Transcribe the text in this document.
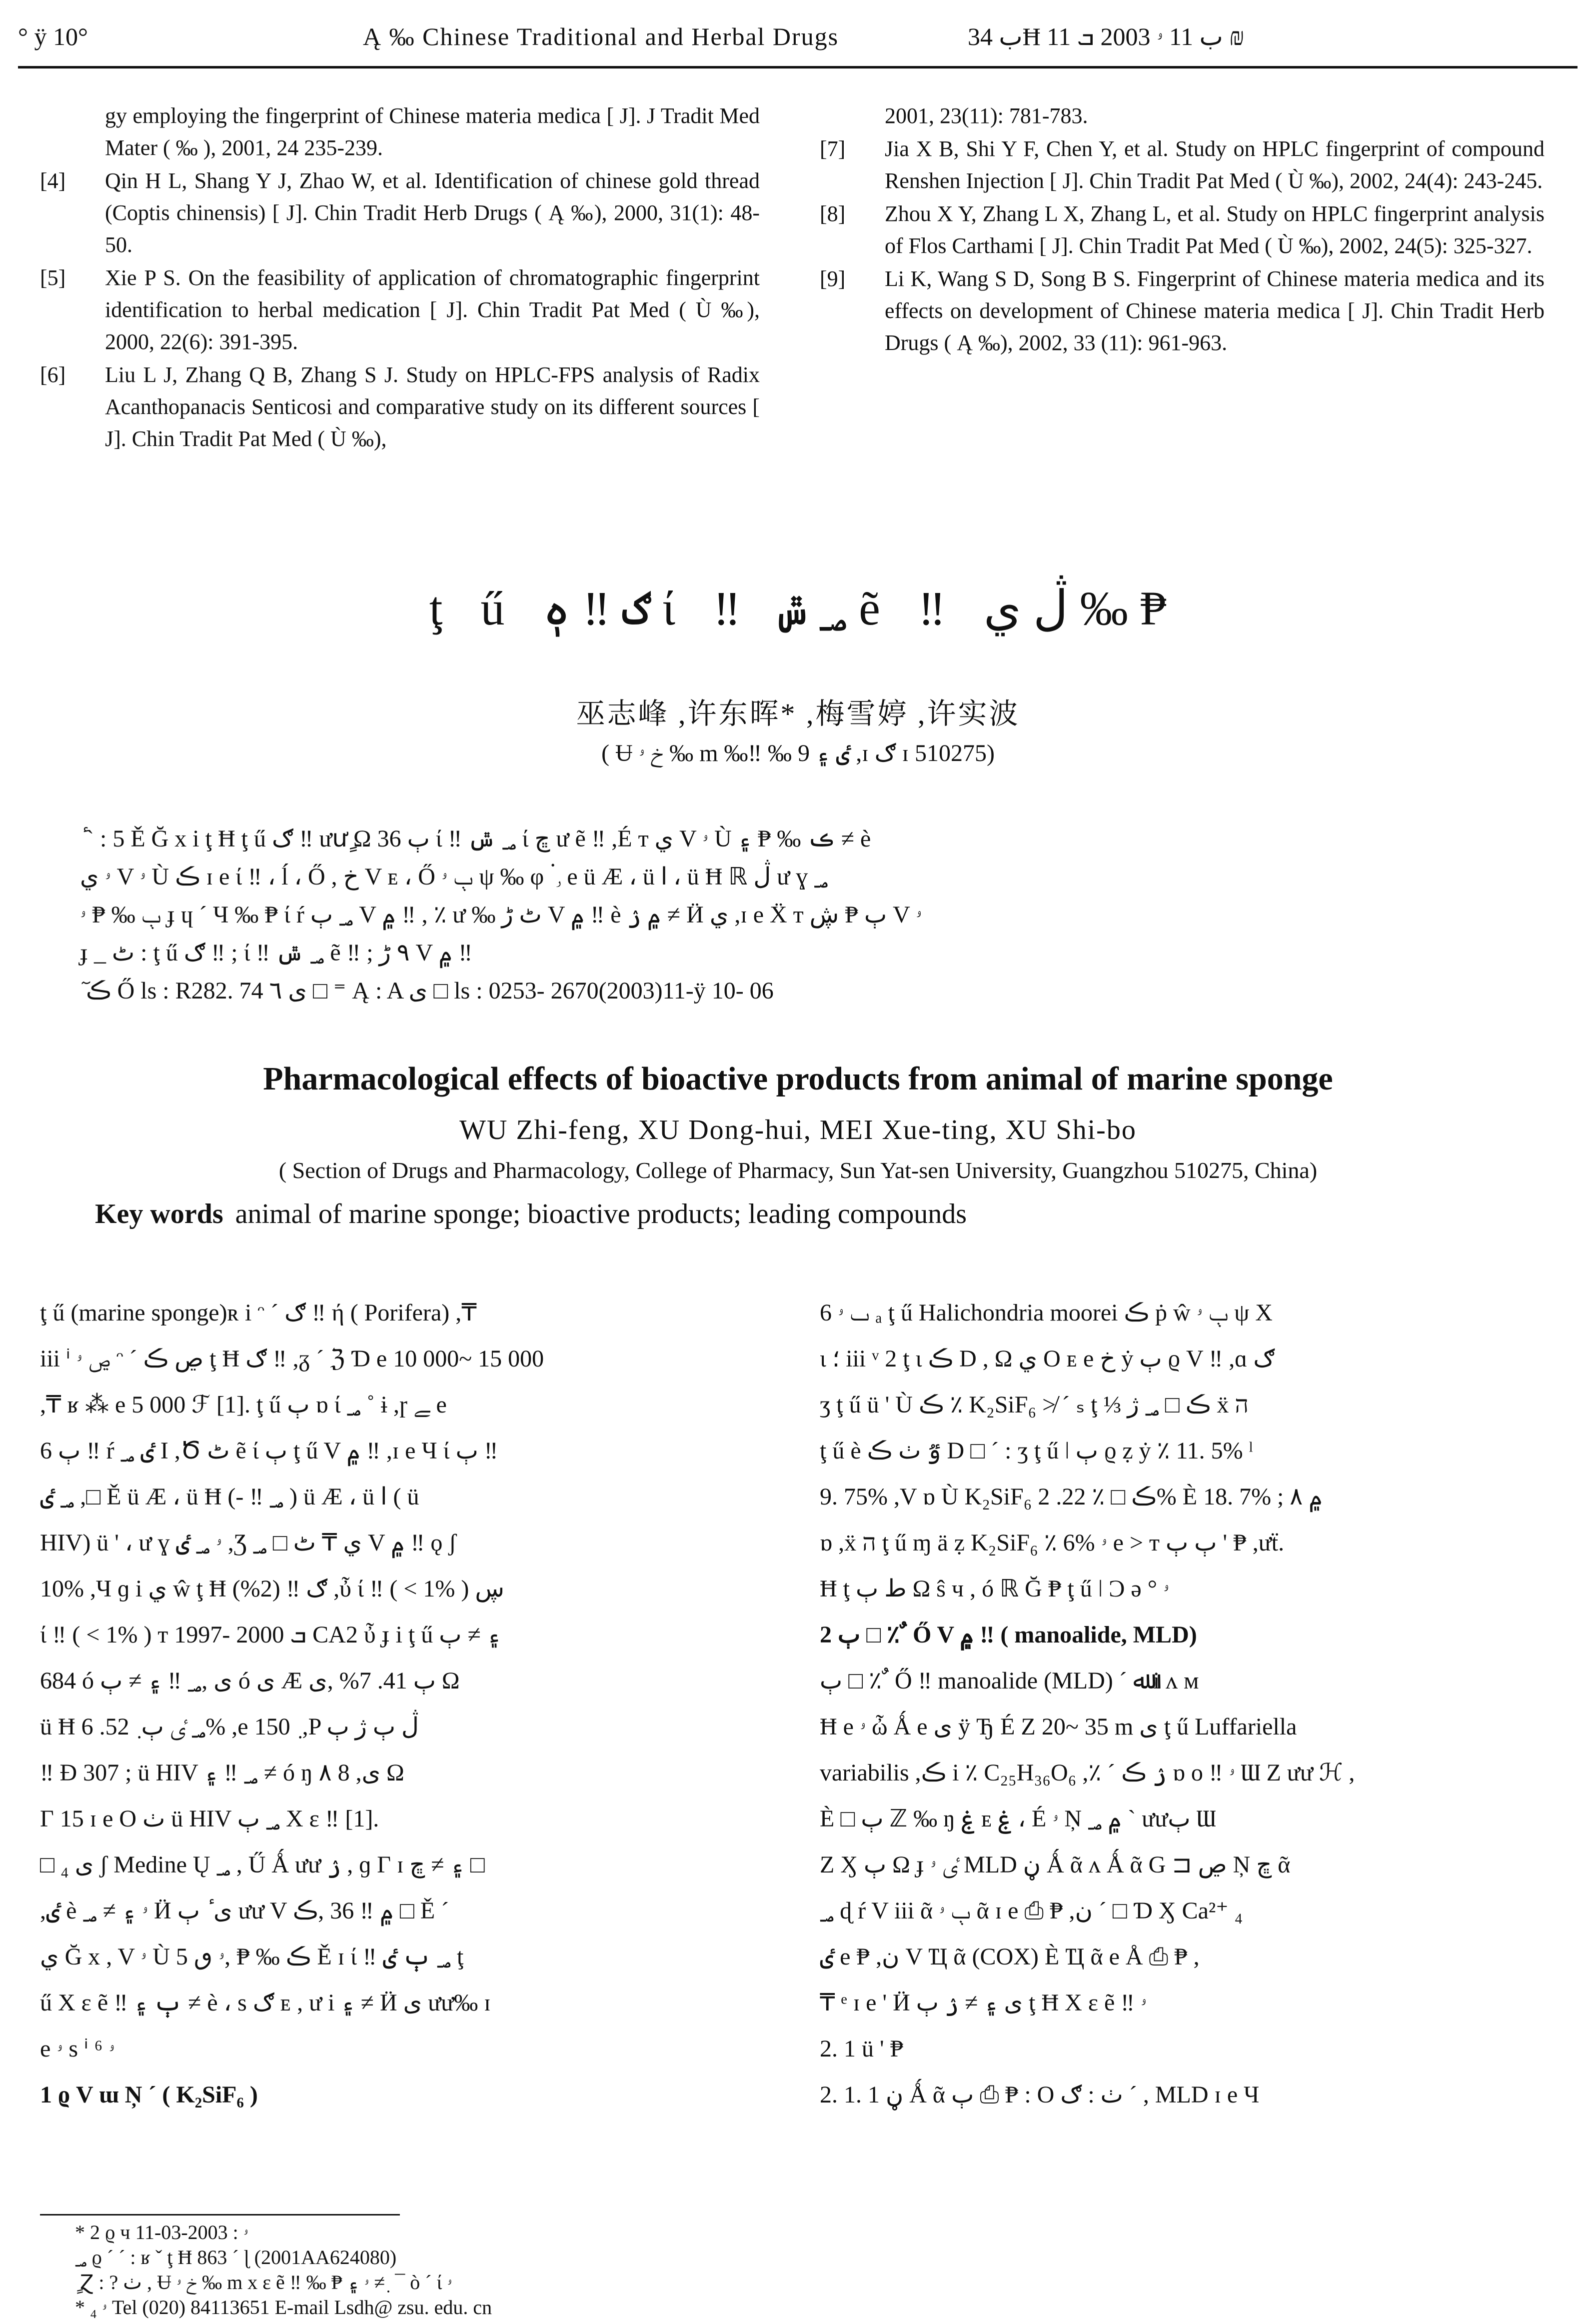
° ÿ 10°	Ą ‰ Chinese Traditional and Herbal Drugs	ب 34Ħ ب 11 ۥ 2003 ܒ 11 ₪
gy employing the fingerprint of Chinese materia medica [ J]. J Tradit Med Mater ( ‰ ), 2001, 24 235-239.
[4] Qin H L, Shang Y J, Zhao W, et al. Identification of chinese gold thread (Coptis chinensis) [ J]. Chin Tradit Herb Drugs ( Ą ‰), 2000, 31(1): 48-50.
[5] Xie P S. On the feasibility of application of chromatographic fingerprint identification to herbal medication [ J]. Chin Tradit Pat Med ( Ù ‰), 2000, 22(6): 391-395.
[6] Liu L J, Zhang Q B, Zhang S J. Study on HPLC-FPS analysis of Radix Acanthopanacis Senticosi and comparative study on its different sources [ J]. Chin Tradit Pat Med ( Ù ‰),
2001, 23(11): 781-783.
[7] Jia X B, Shi Y F, Chen Y, et al. Study on HPLC fingerprint of compound Renshen Injection [ J]. Chin Tradit Pat Med ( Ù ‰), 2002, 24(4): 243-245.
[8] Zhou X Y, Zhang L X, Zhang L, et al. Study on HPLC fingerprint analysis of Flos Carthami [ J]. Chin Tradit Pat Med ( Ù ‰), 2002, 24(5): 325-327.
[9] Li K, Wang S D, Song B S. Fingerprint of Chinese materia medica and its effects on development of Chinese materia medica [ J]. Chin Tradit Herb Drugs ( Ą ‰), 2002, 33 (11): 961-963.
ţ ű ګ ‼ ہٖ ί ‼ ؃ ݜ ẽ ‼ ڷ ي ‰ ₱
巫志峰 ,许东晖* ,梅雪婷 ,许实波
( Ʉ خ ۥ ‰ m ‰‼ ‰ ٸ ۽ 9 ,ɪ ګ ɪ 510275)

ٔ ˋ : 5 Ě Ğ x i ţ Ħ ţ ű ګ ‼ ưưٍ Ω ٻ 36 ί ‼ ؃ ݜ ί ڇ ư ẽ ‼ ,É ᴛ ي V ۥ Ù ڪ ‰ ₱ ۽ ≠ è

ۥ ي V ۥ Ù ڪ ɪ e ί ‼ ، ĺ ، Ő , خ V ᴇ ، Ő ٻ ۥ ψ ‰ φ ۬ ٫ e ü Æ ، ü ا ، ü Ħ ℝ ڷ ư ɣ ؃

ٻ ‰ ₱ ۥ ɟ ɥ ˊ Ч ‰ ₱ ί ŕ ؃ ٻ V ۾ ‼ , ٪ ư ‰ ٹ ڑ V ۾ ‼ è ۾ ۯ ≠ Ӥ ي ,ɪ e Ẍ ᴛ ٻ ₱ ڜ V ۥ

ɟ _ ٹ : ţ ű ګ ‼ ; ί ‼ ؃ ݜ ẽ ‼ ; ٩ ڑ V ۾ ‼

ٓ ڪ Ő ls : R282. 74 ی ٦ □ ⁼ Ą : A ی □ ls : 0253- 2670(2003)11-ÿ 10- 06

Pharmacological effects of bioactive products from animal of marine sponge
WU Zhi-feng, XU Dong-hui, MEI Xue-ting, XU Shi-bo
( Section of Drugs and Pharmacology, College of Pharmacy, Sun Yat-sen University, Guangzhou 510275, China)
Key words animal of marine sponge; bioactive products; leading compounds

ţ ű (marine sponge)ʀ i ᵔ ˊ ګ ‼ ή ( Porifera) ,₸

iii ⁱ ڝ ۥ ᵔ ˊ ڝ ڪ ţ Ħ ګ ‼ ,ᵹ ˊ ℨ Ɗ e 10 000~ 15 000

,₸ ʁ ⁂ e 5 000 ℱ [1]. ţ ű ٻ ɒ ί ؃ ˚ ɨ ,ɼ ﮯ e

6 ٻ ‼ ŕ ٸ ؃ I ,Ծ ٹ ẽ ί ٻ ţ ű V ۾ ‼ ,ɪ e Ч ί ٻ ‼

؃ ٸ ,□ Ě ü Æ ، ü Ħ (- ‼ ؃ ) ü Æ ، ü ا ( ü

HIV) ü ' ، ư ɣ ۥ ؃ ٸ ,Ʒ ي ₸ ٹ □ ؃ V ۾ ‼ ǫ ʃ

10% ,Ч ɡ i ي ŵ ţ Ħ ګ ‼ (2%) ,ὖ ί ‼ ( < 1% ) ڛ

ί ‼ ( < 1% ) ᴛ 1997- 2000 ܒ CA2 ὖ ɟ i ţ ű ۽ ≠ ٻ

684 ó ی ,؃ ‼ ۽ ≠ ٻ ó ی Æ ٻ 41. 7% ,ی Ω

ü Ħ ؃ ٸ ٻ ٜ 52. 6% ,e 150 ٜ ,P ڷ ٻ ژ ٻ

‼ Ð 307 ; ü HIV ؃ ‼ ۽ ≠ ó ŋ ٨ 8 ,ی Ω

Γ 15 ɪ e O ٺ ü HIV ؃ ٻ X ε ‼ [1].

□ ی ₄ ʃ Medine Ų ؃ , Ű Ǻ ưư ۯ , ɡ Γ ɪ ۽ ≠ ڇ □

,ٸ è ۥ ۽ ≠ ؃ Ӥ ی ٔ ٻ ưư V ۾ ‼ 36 ,ڪ □ Ě ˊ

ي Ğ x , V ۥ Ù ڪ ‰ ₱ ,ۥ ٯ 5 Ě ɪ ί ‼ ؃ ٻ ٸ ţ

ű X ε ẽ ‼ ٻ ۽ ≠ è ، s ګ ᴇ , ư i ۽ ≠ Ӥ ی ưư‰ ɪ

e ۥ s ⁱ ⁶ ۥ

1 ϱ V ɯ Ņ ˊ ( K₂SiF₆ )

ٮ ۥ 6 ₐ ţ ű Halichondria moorei ڪ ṗ ŵ ٻ ۥ ψ X

ɩ ؛ iii ᵛ 2 ţ ɩ ڪ D , Ω ي O ᴇ e خ ẏ ٻ ϱ V ‼ ,ɑ ګ

ʒ ţ ű ü ' Ù ڪ ٪ K₂SiF₆ ≯ ˊ ₛ ţ ⅓ ڪ □ ؃ ژ ẍ ה

ţ ű è ٷ ٺ ڪ D □ ˊ : ʒ ţ ű ǀ ٻ ϱ ẓ ẏ ٪ 11. 5% ˡ

9. 75% ,V ɒ Ù K₂SiF₆ ڪ □ ٪ 22. 2% Ѐ 18. 7% ; ۾ ٨

ɒ ,ẍ ה ţ ű ɱ ä ẓ K₂SiF₆ ٪ 6% ۥ e > ᴛ ٻ ٻ ' ₱ ,ưẗ.

Ħ ţ ط ٻ Ω ŝ ч , ó ℝ Ğ ₱ ţ ű ǀ Ͻ ə ° ۥ

2 ٻ □ ٪ ٌ Ő V ۾ ‼ ( manoalide, MLD)

ٻ □ ٪ ٌ Ő ‼ manoalide (MLD) ˊ ﷲ i ᴧ ᴍ

Ħ e ۥ ὦ Ǻ e ی ÿ Ђ É Ζ 20~ 35 m ی ţ ű Luffariella

variabilis ,ڪ i ٪ C₂₅H₃₆O₆ ,٪ ˊ ۯ ڪ ɒ o ‼ ۥ Ɯ Ζ ưư ℋ ,

Ѐ □ ٻ ℤ ‰ ŋ ۼ ᴇ ۼ ، É ۥ Ņ ۾ ؃ ˋ ưưٻ Ɯ

Ζ Ӽ ٻ Ω ɟ ٸ ۥ MLD ڼ Ǻ ᾶ ᴧ Ǻ ᾶ G ⊐ ڝ Ņ ڇ ᾶ

؃ ɖ ŕ V iii ᾶ ٻ ۥ ᾶ ɪ e ⎙ ₱ ,ن ˊ □ Ɗ Ӽ Ca²⁺ ₄

ٸ e ₱ ,ن V Ҵ ᾶ (COX) Ѐ Ҵ ᾶ e Å ⎙ ₱ ,

₸ ᵉ ɪ e ' Ӥ ی ۽ ≠ ۯ ٻ ţ Ħ X ε ẽ ‼ ۥ

2. 1 ü ' ₱

2. 1. 1 ڼ Ǻ ᾶ ٻ ⎙ ₱ : O ٺ : ګ ˊ , MLD ɪ e Ч

* 2 ϱ ч ۥ : 2003-03-11

؃ ϱ ˊ ˊ : ʁ ˇ ţ Ħ 863 ˊ ɭ (2001AA624080)

ٍ Ɀ : ? ٺ , Ʉ خ ۥ ‰ m x ε ẽ ‼ ‰ ₱ ۥ ۽ ≠ ٜ ¯ ò ˊ ί ۥ

* ₄ ۥ Tel (020) 84113651 E-mail Lsdh@ zsu. edu. cn
